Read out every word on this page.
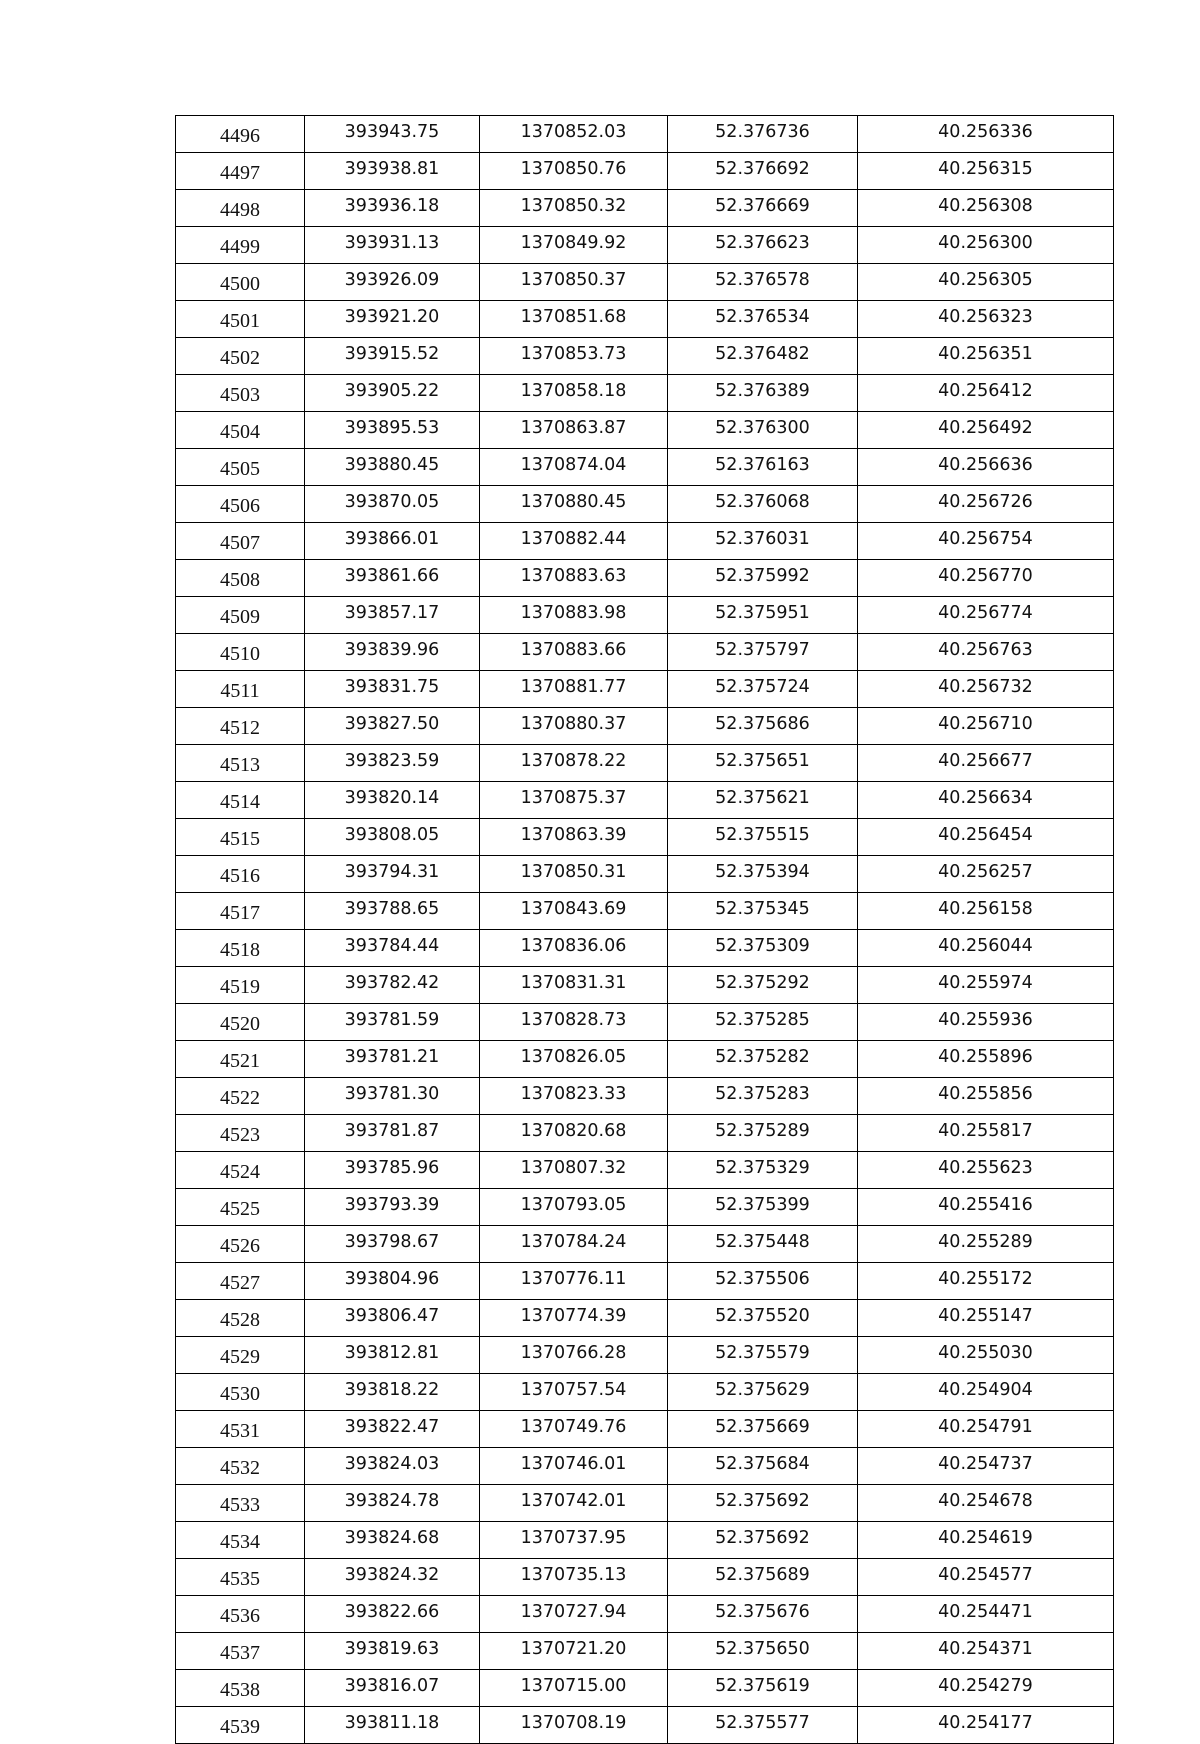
4496	393943.75	1370852.03	52.376736	40.256336
4497	393938.81	1370850.76	52.376692	40.256315
4498	393936.18	1370850.32	52.376669	40.256308
4499	393931.13	1370849.92	52.376623	40.256300
4500	393926.09	1370850.37	52.376578	40.256305
4501	393921.20	1370851.68	52.376534	40.256323
4502	393915.52	1370853.73	52.376482	40.256351
4503	393905.22	1370858.18	52.376389	40.256412
4504	393895.53	1370863.87	52.376300	40.256492
4505	393880.45	1370874.04	52.376163	40.256636
4506	393870.05	1370880.45	52.376068	40.256726
4507	393866.01	1370882.44	52.376031	40.256754
4508	393861.66	1370883.63	52.375992	40.256770
4509	393857.17	1370883.98	52.375951	40.256774
4510	393839.96	1370883.66	52.375797	40.256763
4511	393831.75	1370881.77	52.375724	40.256732
4512	393827.50	1370880.37	52.375686	40.256710
4513	393823.59	1370878.22	52.375651	40.256677
4514	393820.14	1370875.37	52.375621	40.256634
4515	393808.05	1370863.39	52.375515	40.256454
4516	393794.31	1370850.31	52.375394	40.256257
4517	393788.65	1370843.69	52.375345	40.256158
4518	393784.44	1370836.06	52.375309	40.256044
4519	393782.42	1370831.31	52.375292	40.255974
4520	393781.59	1370828.73	52.375285	40.255936
4521	393781.21	1370826.05	52.375282	40.255896
4522	393781.30	1370823.33	52.375283	40.255856
4523	393781.87	1370820.68	52.375289	40.255817
4524	393785.96	1370807.32	52.375329	40.255623
4525	393793.39	1370793.05	52.375399	40.255416
4526	393798.67	1370784.24	52.375448	40.255289
4527	393804.96	1370776.11	52.375506	40.255172
4528	393806.47	1370774.39	52.375520	40.255147
4529	393812.81	1370766.28	52.375579	40.255030
4530	393818.22	1370757.54	52.375629	40.254904
4531	393822.47	1370749.76	52.375669	40.254791
4532	393824.03	1370746.01	52.375684	40.254737
4533	393824.78	1370742.01	52.375692	40.254678
4534	393824.68	1370737.95	52.375692	40.254619
4535	393824.32	1370735.13	52.375689	40.254577
4536	393822.66	1370727.94	52.375676	40.254471
4537	393819.63	1370721.20	52.375650	40.254371
4538	393816.07	1370715.00	52.375619	40.254279
4539	393811.18	1370708.19	52.375577	40.254177
